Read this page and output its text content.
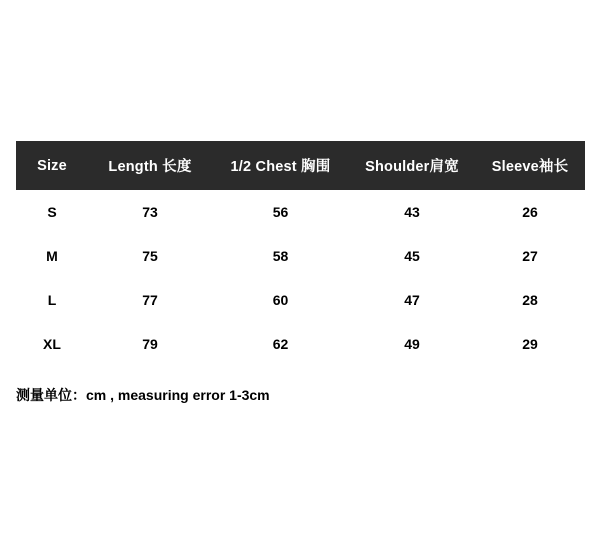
Size	Length 长度	1/2 Chest 胸围	Shoulder肩宽	Sleeve袖长
S	73	56	43	26
M	75	58	45	27
L	77	60	47	28
XL	79	62	49	29
测量单位：cm , measuring error 1-3cm
